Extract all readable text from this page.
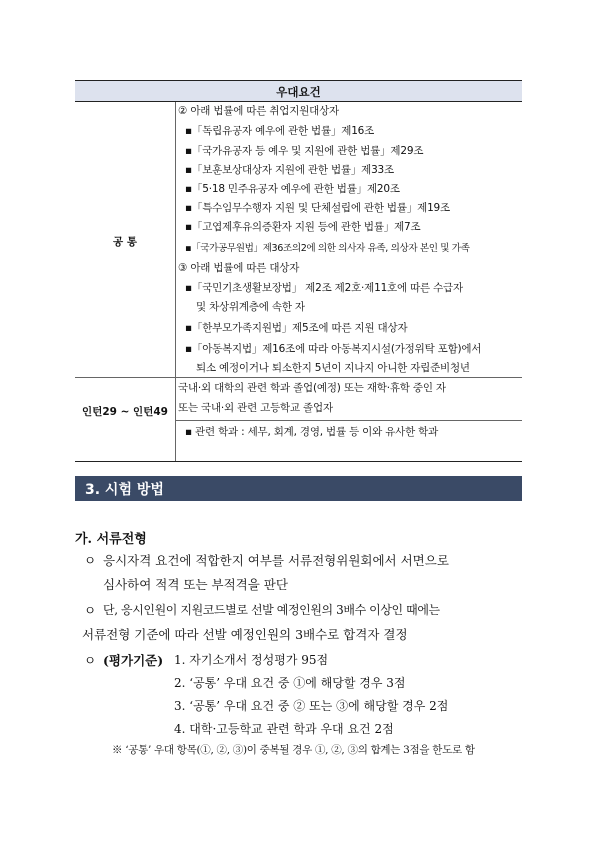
우대요건
공 통
인턴29 ~ 인턴49
② 아래 법률에 따른 취업지원대상자
▪「독립유공자 예우에 관한 법률」제16조
▪「국가유공자 등 예우 및 지원에 관한 법률」제29조
▪「보훈보상대상자 지원에 관한 법률」제33조
▪「5·18 민주유공자 예우에 관한 법률」제20조
▪「특수임무수행자 지원 및 단체설립에 관한 법률」제19조
▪「고엽제후유의증환자 지원 등에 관한 법률」제7조
▪「국가공무원법」제36조의2에 의한 의사자 유족, 의상자 본인 및 가족
③ 아래 법률에 따른 대상자
▪「국민기초생활보장법」 제2조 제2호·제11호에 따른 수급자
및 차상위계층에 속한 자
▪「한부모가족지원법」제5조에 따른 지원 대상자
▪「아동복지법」제16조에 따라 아동복지시설(가정위탁 포함)에서
퇴소 예정이거나 퇴소한지 5년이 지나지 아니한 자립준비청년
국내·외 대학의 관련 학과 졸업(예정) 또는 재학·휴학 중인 자
또는 국내·외 관련 고등학교 졸업자
▪ 관련 학과 : 세무, 회계, 경영, 법률 등 이와 유사한 학과
3. 시험 방법
가. 서류전형
ㅇ 응시자격 요건에 적합한지 여부를 서류전형위원회에서 서면으로
심사하여 적격 또는 부적격을 판단
ㅇ 단, 응시인원이 지원코드별로 선발 예정인원의 3배수 이상인 때에는
서류전형 기준에 따라 선발 예정인원의 3배수로 합격자 결정
ㅇ (평가기준) 1. 자기소개서 정성평가 95점
2. ‘공통’ 우대 요건 중 ①에 해당할 경우 3점
3. ‘공통’ 우대 요건 중 ② 또는 ③에 해당할 경우 2점
4. 대학·고등학교 관련 학과 우대 요건 2점
※ ‘공통’ 우대 항목(①, ②, ③)이 중복될 경우 ①, ②, ③의 합계는 3점을 한도로 함
